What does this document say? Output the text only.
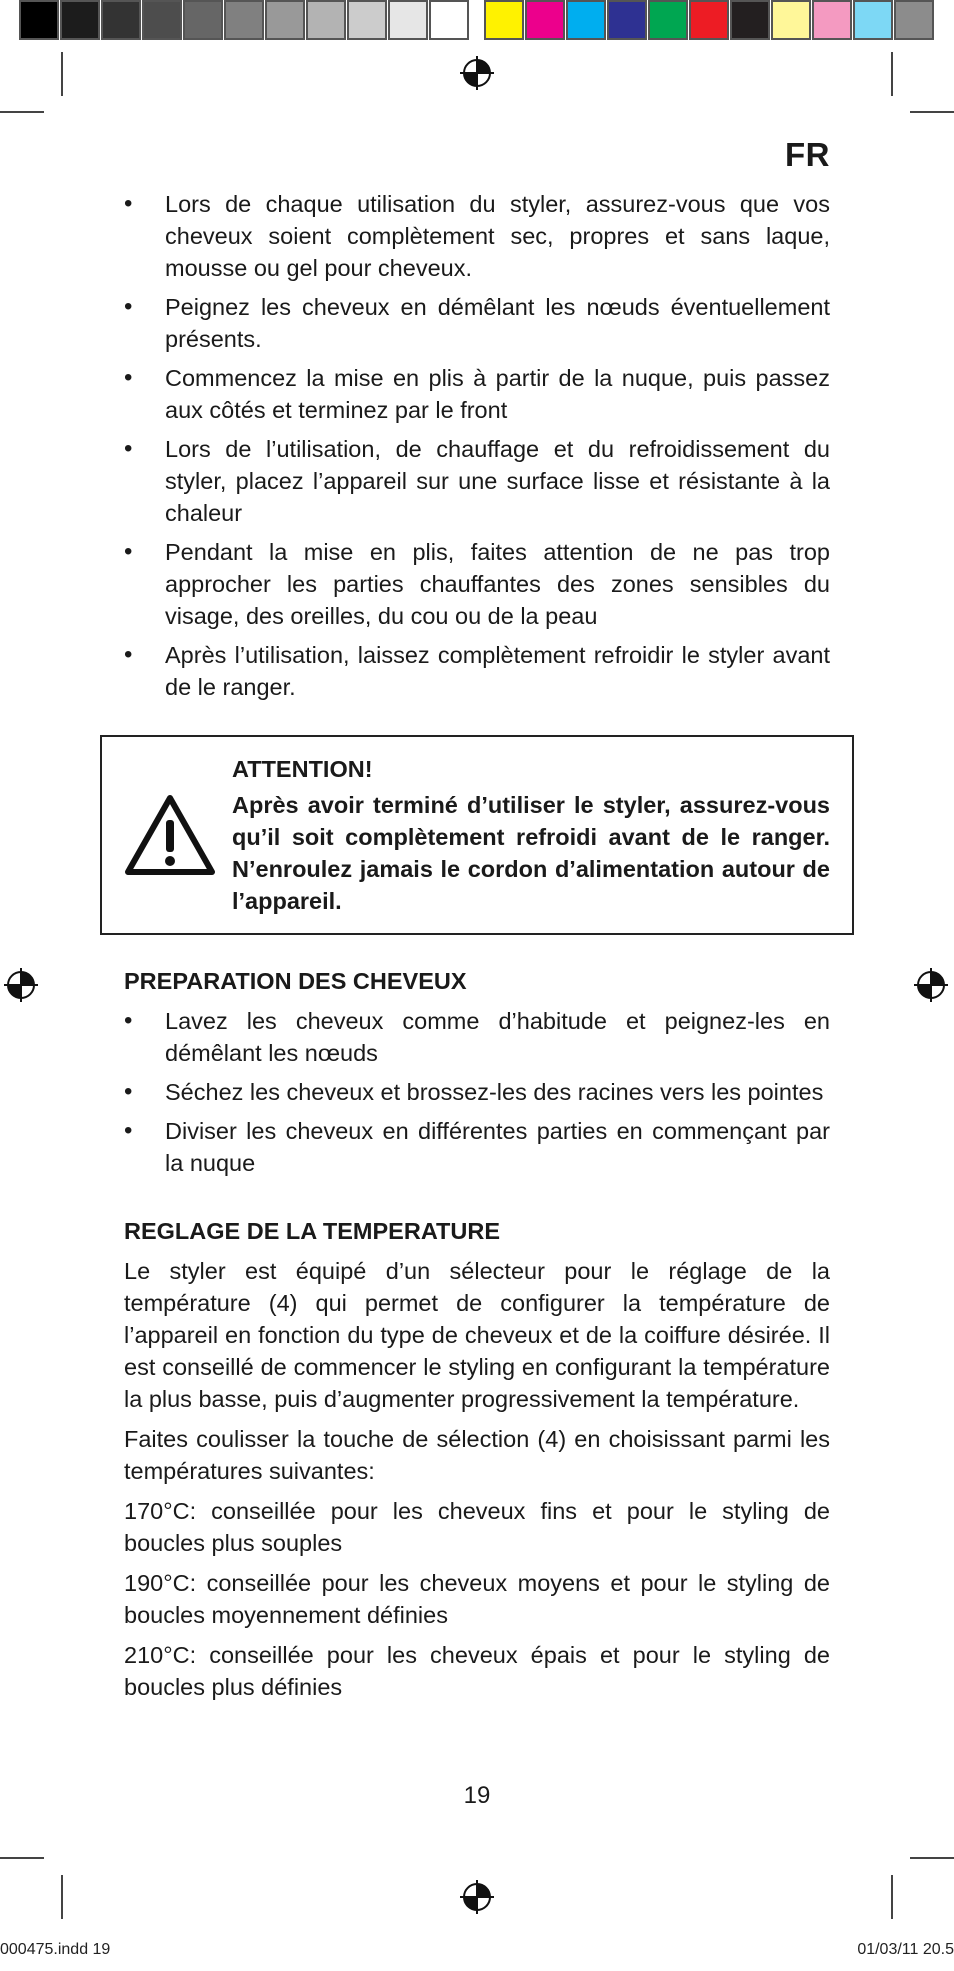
FR
• Lors de chaque utilisation du styler, assurez-vous que vos cheveux soient complètement sec, propres et sans laque, mousse ou gel pour cheveux.
• Peignez les cheveux en démêlant les nœuds éventuellement présents.
• Commencez la mise en plis à partir de la nuque, puis passez aux côtés et terminez par le front
• Lors de l’utilisation, de chauffage et du refroidissement du styler, placez l’appareil sur une surface lisse et résistante à la chaleur
• Pendant la mise en plis, faites attention de ne pas trop approcher les parties chauffantes des zones sensibles du visage, des oreilles, du cou ou de la peau
• Après l’utilisation, laissez complètement refroidir le styler avant de le ranger.
ATTENTION!
Après avoir terminé d’utiliser le styler, assurez-vous qu’il soit complètement refroidi avant de le ranger. N’enroulez jamais le cordon d’alimentation autour de l’appareil.
PREPARATION DES CHEVEUX
• Lavez les cheveux comme d’habitude et peignez-les en démêlant les nœuds
• Séchez les cheveux et brossez-les des racines vers les pointes
• Diviser les cheveux en différentes parties en commençant par la nuque
REGLAGE DE LA TEMPERATURE

Le styler est équipé d’un sélecteur pour le réglage de la température (4) qui permet de configurer la température de l’appareil en fonction du type de cheveux et de la coiffure désirée. Il est conseillé de commencer le styling en configurant la température la plus basse, puis d’augmenter progressivement la température.

Faites coulisser la touche de sélection (4) en choisissant parmi les températures suivantes:

170°C: conseillée pour les cheveux fins et pour le styling de boucles plus souples

190°C: conseillée pour les cheveux moyens et pour le styling de boucles moyennement définies

210°C: conseillée pour les cheveux épais et pour le styling de boucles plus définies

19
000475.indd 19	01/03/11 20.5
